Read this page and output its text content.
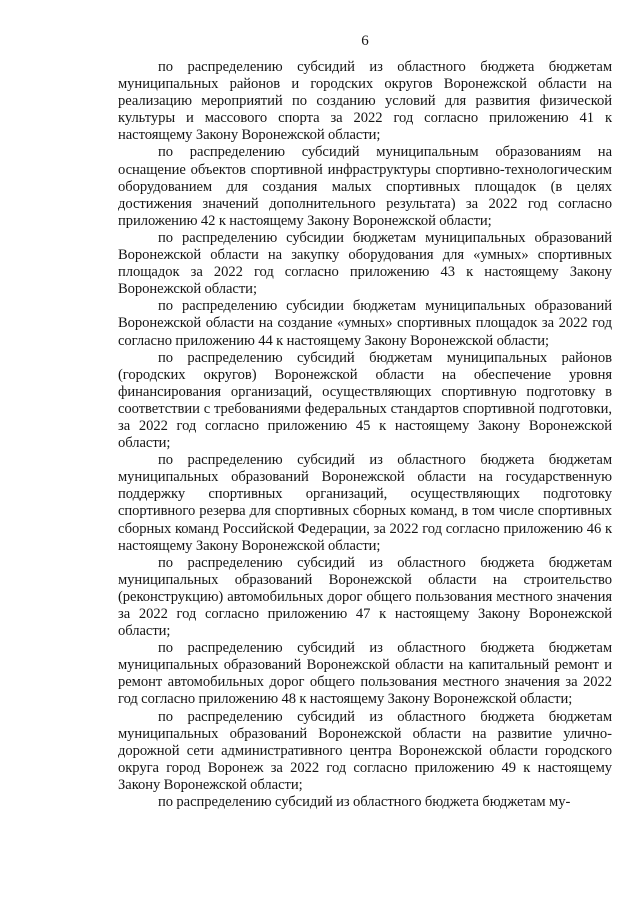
6

по распределению субсидий из областного бюджета бюджетам муниципальных районов и городских округов Воронежской области на реализацию мероприятий по созданию условий для развития физической культуры и массового спорта за 2022 год согласно приложению 41 к настоящему Закону Воронежской области;

по распределению субсидий муниципальным образованиям на оснащение объектов спортивной инфраструктуры спортивно-технологическим оборудованием для создания малых спортивных площадок (в целях достижения значений дополнительного результата) за 2022 год согласно приложению 42 к настоящему Закону Воронежской области;

по распределению субсидии бюджетам муниципальных образований Воронежской области на закупку оборудования для «умных» спортивных площадок за 2022 год согласно приложению 43 к настоящему Закону Воронежской области;

по распределению субсидии бюджетам муниципальных образований Воронежской области на создание «умных» спортивных площадок за 2022 год согласно приложению 44 к настоящему Закону Воронежской области;

по распределению субсидий бюджетам муниципальных районов (городских округов) Воронежской области на обеспечение уровня финансирования организаций, осуществляющих спортивную подготовку в соответствии с требованиями федеральных стандартов спортивной подготовки, за 2022 год согласно приложению 45 к настоящему Закону Воронежской области;

по распределению субсидий из областного бюджета бюджетам муниципальных образований Воронежской области на государственную поддержку спортивных организаций, осуществляющих подготовку спортивного резерва для спортивных сборных команд, в том числе спортивных сборных команд Российской Федерации, за 2022 год согласно приложению 46 к настоящему Закону Воронежской области;

по распределению субсидий из областного бюджета бюджетам муниципальных образований Воронежской области на строительство (реконструкцию) автомобильных дорог общего пользования местного значения за 2022 год согласно приложению 47 к настоящему Закону Воронежской области;

по распределению субсидий из областного бюджета бюджетам муниципальных образований Воронежской области на капитальный ремонт и ремонт автомобильных дорог общего пользования местного значения за 2022 год согласно приложению 48 к настоящему Закону Воронежской области;

по распределению субсидий из областного бюджета бюджетам муниципальных образований Воронежской области на развитие улично-дорожной сети административного центра Воронежской области городского округа город Воронеж за 2022 год согласно приложению 49 к настоящему Закону Воронежской области;

по распределению субсидий из областного бюджета бюджетам му-
